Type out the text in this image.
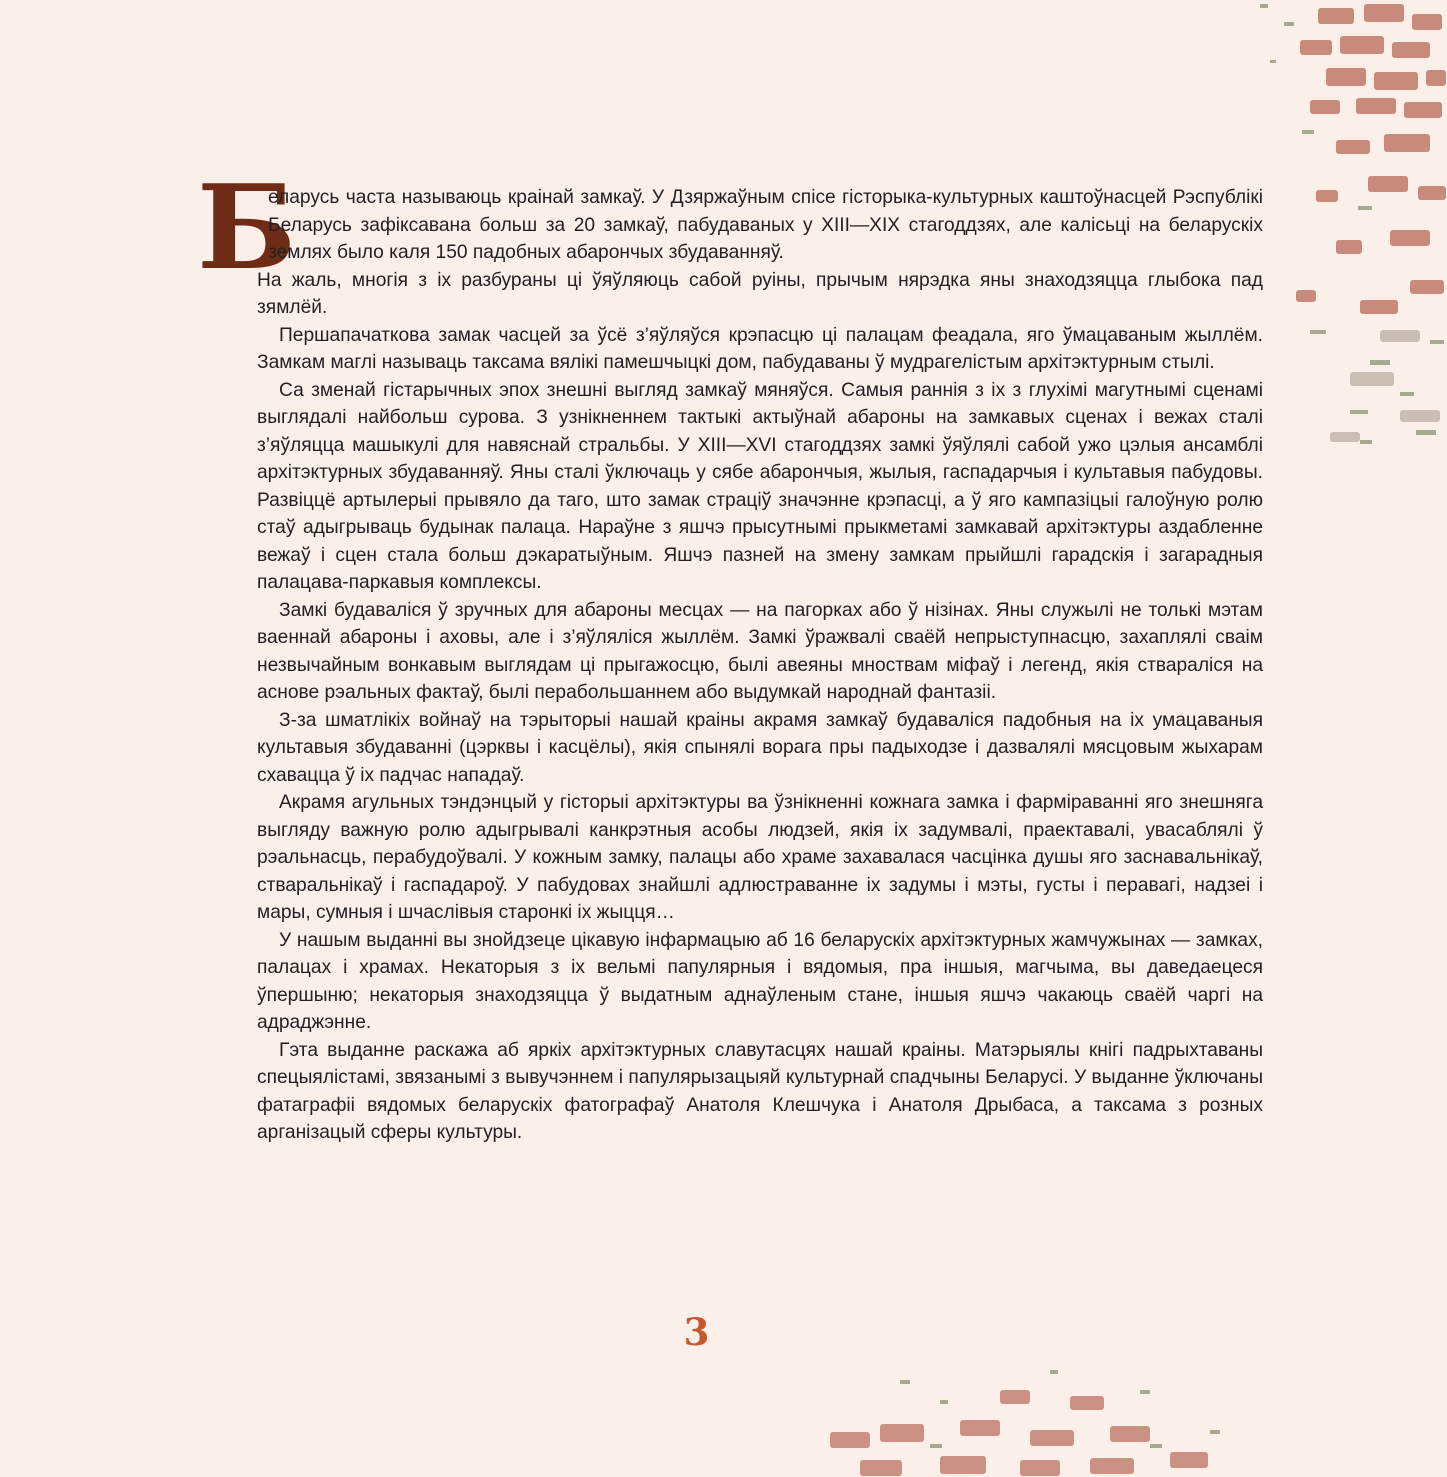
Б

еларусь часта называюць краінай замкаў. У Дзяржаўным спісе гісторыка-культурных каштоўнасцей Рэспублікі Беларусь зафіксавана больш за 20 замкаў, пабудаваных у XIII—XIX стагоддзях, але калісьці на беларускіх землях было каля 150 падобных абарончых збудаванняў.

На жаль, многія з іх разбураны ці ўяўляюць сабой руіны, прычым нярэдка яны знаходзяцца глыбока пад зямлёй.

Першапачаткова замак часцей за ўсё з’яўляўся крэпасцю ці палацам феадала, яго ўмацаваным жыллём. Замкам маглі называць таксама вялікі памешчыцкі дом, пабудаваны ў мудрагелістым архітэктурным стылі.

Са зменай гістарычных эпох знешні выгляд замкаў мяняўся. Самыя раннія з іх з глухімі магутнымі сценамі выглядалі найбольш сурова. З узнікненнем тактыкі актыўнай абароны на замкавых сценах і вежах сталі з’яўляцца машыкулі для навяснай стральбы. У XIII—XVI стагоддзях замкі ўяўлялі сабой ужо цэлыя ансамблі архітэктурных збудаванняў. Яны сталі ўключаць у сябе абарончыя, жылыя, гаспадарчыя і культавыя пабудовы. Развіццё артылерыі прывяло да таго, што замак страціў значэнне крэпасці, а ў яго кампазіцыі галоўную ролю стаў адыгрываць будынак палаца. Нараўне з яшчэ прысутнымі прыкметамі замкавай архітэктуры аздабленне вежаў і сцен стала больш дэкаратыўным. Яшчэ пазней на змену замкам прыйшлі гарадскія і загарадныя палацава-паркавыя комплексы.

Замкі будаваліся ў зручных для абароны месцах — на пагорках або ў нізінах. Яны служылі не толькі мэтам ваеннай абароны і аховы, але і з’яўляліся жыллём. Замкі ўражвалі сваёй непрыступнасцю, захаплялі сваім незвычайным вонкавым выглядам ці прыгажосцю, былі авеяны мноствам міфаў і легенд, якія ствараліся на аснове рэальных фактаў, былі перабольшаннем або выдумкай народнай фантазіі.

З-за шматлікіх войнаў на тэрыторыі нашай краіны акрамя замкаў будаваліся падобныя на іх умацаваныя культавыя збудаванні (цэрквы і касцёлы), якія спынялі ворага пры падыходзе і дазвалялі мясцовым жыхарам схавацца ў іх падчас нападаў.

Акрамя агульных тэндэнцый у гісторыі архітэктуры ва ўзнікненні кожнага замка і фарміраванні яго знешняга выгляду важную ролю адыгрывалі канкрэтныя асобы людзей, якія іх задумвалі, праектавалі, увасаблялі ў рэальнасць, перабудоўвалі. У кожным замку, палацы або храме захавалася часцінка душы яго заснавальнікаў, стваральнікаў і гаспадароў. У пабудовах знайшлі адлюстраванне іх задумы і мэты, густы і перавагі, надзеі і мары, сумныя і шчаслівыя старонкі іх жыцця…

У нашым выданні вы знойдзеце цікавую інфармацыю аб 16 беларускіх архітэктурных жамчужынах — замках, палацах і храмах. Некаторыя з іх вельмі папулярныя і вядомыя, пра іншыя, магчыма, вы даведаецеся ўпершыню; некаторыя знаходзяцца ў выдатным аднаўленым стане, іншыя яшчэ чакаюць сваёй чаргі на адраджэнне.

Гэта выданне раскажа аб яркіх архітэктурных славутасцях нашай краіны. Матэрыялы кнігі падрыхтаваны спецыялістамі, звязанымі з вывучэннем і папулярызацыяй культурнай спадчыны Беларусі. У выданне ўключаны фатаграфіі вядомых беларускіх фатографаў Анатоля Клешчука і Анатоля Дрыбаса, а таксама з розных арганізацый сферы культуры.

3
